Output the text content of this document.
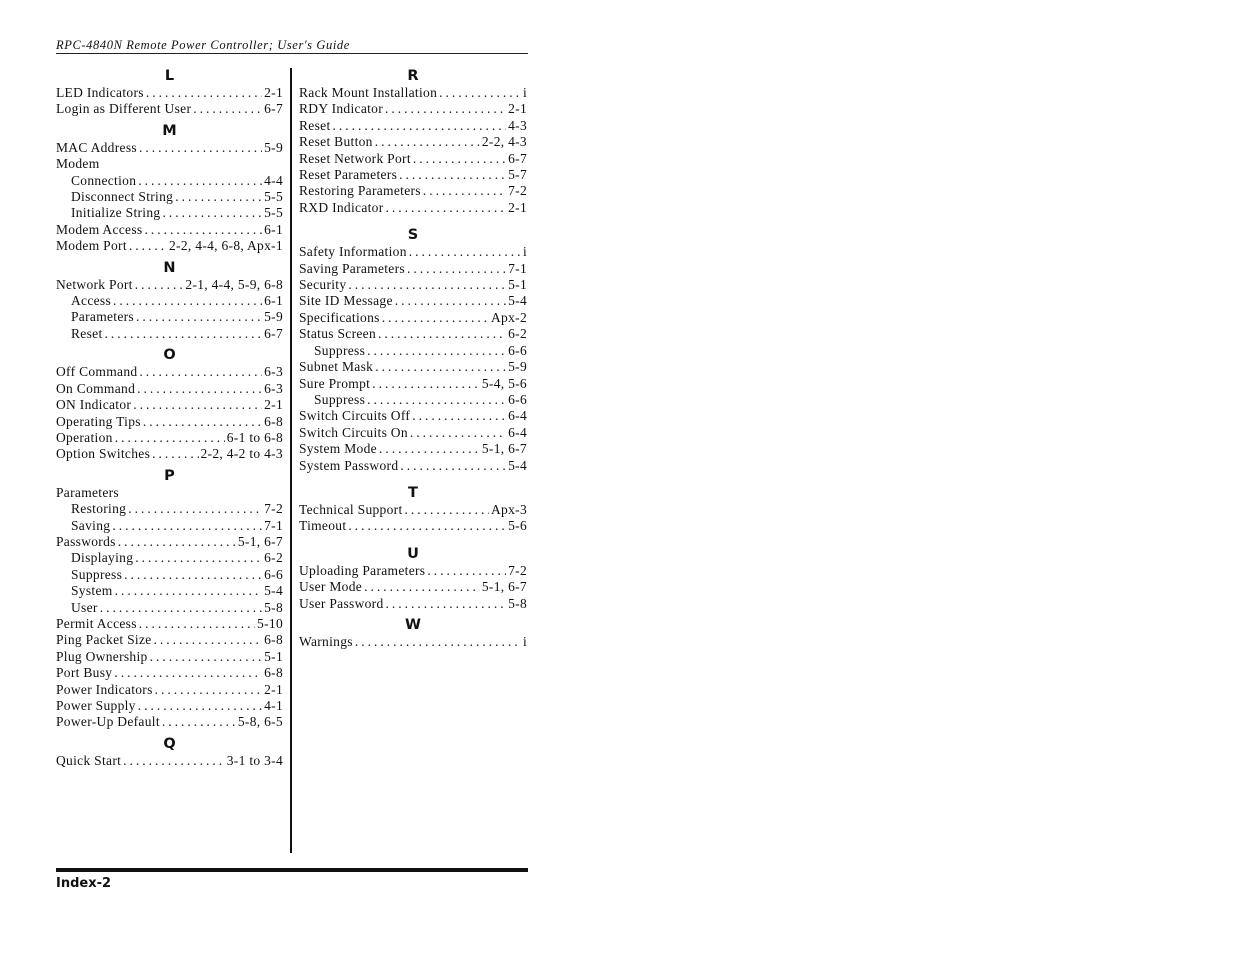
RPC-4840N Remote Power Controller; User's Guide
L
LED Indicators .....	2-1
Login as Different User .....	6-7
M
MAC Address .....	5-9
Modem
Connection .....	4-4
Disconnect String .....	5-5
Initialize String .....	5-5
Modem Access .....	6-1
Modem Port .....	2-2, 4-4, 6-8, Apx-1
N
Network Port .....	2-1, 4-4, 5-9, 6-8
Access .....	6-1
Parameters .....	5-9
Reset .....	6-7
O
Off Command .....	6-3
On Command .....	6-3
ON Indicator .....	2-1
Operating Tips .....	6-8
Operation .....	6-1 to 6-8
Option Switches .....	2-2, 4-2 to 4-3
P
Parameters
Restoring .....	7-2
Saving .....	7-1
Passwords .....	5-1, 6-7
Displaying .....	6-2
Suppress .....	6-6
System .....	5-4
User .....	5-8
Permit Access .....	5-10
Ping Packet Size .....	6-8
Plug Ownership .....	5-1
Port Busy .....	6-8
Power Indicators .....	2-1
Power Supply .....	4-1
Power-Up Default .....	5-8, 6-5
Q
Quick Start .....	3-1 to 3-4
R
Rack Mount Installation .....	i
RDY Indicator .....	2-1
Reset .....	4-3
Reset Button .....	2-2, 4-3
Reset Network Port .....	6-7
Reset Parameters .....	5-7
Restoring Parameters .....	7-2
RXD Indicator .....	2-1
S
Safety Information .....	i
Saving Parameters .....	7-1
Security .....	5-1
Site ID Message .....	5-4
Specifications .....	Apx-2
Status Screen .....	6-2
Suppress .....	6-6
Subnet Mask .....	5-9
Sure Prompt .....	5-4, 5-6
Suppress .....	6-6
Switch Circuits Off .....	6-4
Switch Circuits On .....	6-4
System Mode .....	5-1, 6-7
System Password .....	5-4
T
Technical Support .....	Apx-3
Timeout .....	5-6
U
Uploading Parameters .....	7-2
User Mode .....	5-1, 6-7
User Password .....	5-8
W
Warnings .....	i
Index-2
